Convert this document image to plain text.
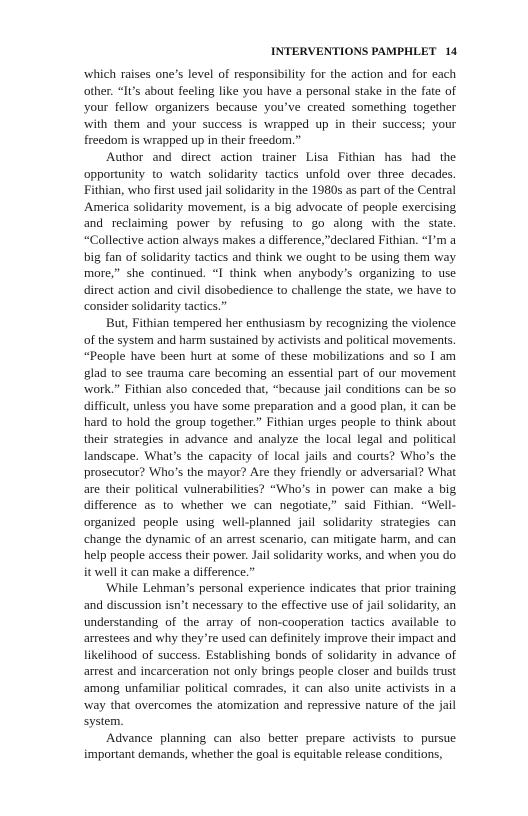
INTERVENTIONS PAMPHLET 14

which raises one’s level of responsibility for the action and for each other. “It’s about feeling like you have a personal stake in the fate of your fellow organizers because you’ve created something together with them and your success is wrapped up in their success; your freedom is wrapped up in their freedom.”

Author and direct action trainer Lisa Fithian has had the opportunity to watch solidarity tactics unfold over three decades. Fithian, who first used jail solidarity in the 1980s as part of the Central America solidarity movement, is a big advocate of people exercising and reclaiming power by refusing to go along with the state. “Collective action always makes a difference,”declared Fithian. “I’m a big fan of solidarity tactics and think we ought to be using them way more,” she continued. “I think when anybody’s organizing to use direct action and civil disobedience to challenge the state, we have to consider solidarity tactics.”

But, Fithian tempered her enthusiasm by recognizing the violence of the system and harm sustained by activists and political movements. “People have been hurt at some of these mobilizations and so I am glad to see trauma care becoming an essential part of our movement work.” Fithian also conceded that, “because jail conditions can be so difficult, unless you have some preparation and a good plan, it can be hard to hold the group together.” Fithian urges people to think about their strategies in advance and analyze the local legal and political landscape. What’s the capacity of local jails and courts? Who’s the prosecutor? Who’s the mayor? Are they friendly or adversarial? What are their political vulnerabilities? “Who’s in power can make a big difference as to whether we can negotiate,” said Fithian. “Well-organized people using well-planned jail solidarity strategies can change the dynamic of an arrest scenario, can mitigate harm, and can help people access their power. Jail solidarity works, and when you do it well it can make a difference.”

While Lehman’s personal experience indicates that prior training and discussion isn’t necessary to the effective use of jail solidarity, an understanding of the array of non-cooperation tactics available to arrestees and why they’re used can definitely improve their impact and likelihood of success. Establishing bonds of solidarity in advance of arrest and incarceration not only brings people closer and builds trust among unfamiliar political comrades, it can also unite activists in a way that overcomes the atomization and repressive nature of the jail system.

Advance planning can also better prepare activists to pursue important demands, whether the goal is equitable release conditions,
